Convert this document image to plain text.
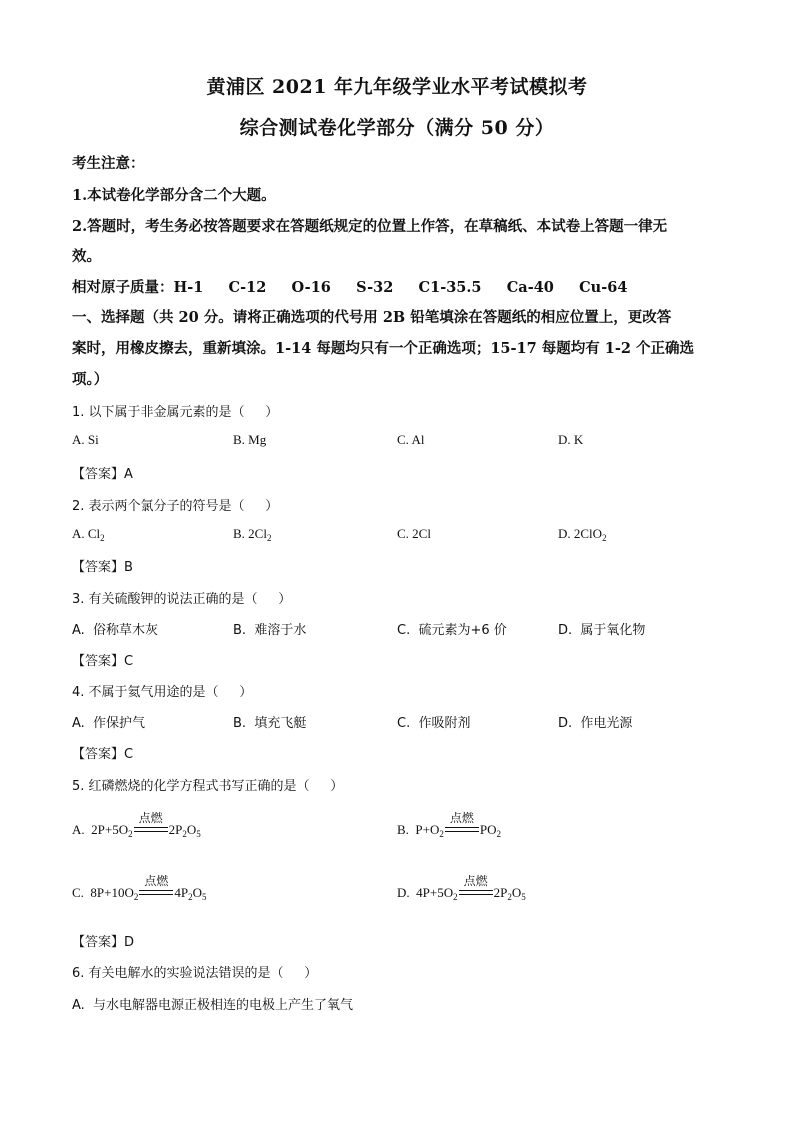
黄浦区 2021 年九年级学业水平考试模拟考
综合测试卷化学部分（满分 50 分）
考生注意：
1.本试卷化学部分含二个大题。
2.答题时，考生务必按答题要求在答题纸规定的位置上作答，在草稿纸、本试卷上答题一律无
效。
相对原子质量：H-1     C-12     O-16     S-32     C1-35.5     Ca-40     Cu-64
一、选择题（共 20 分。请将正确选项的代号用 2B 铅笔填涂在答题纸的相应位置上，更改答
案时，用橡皮擦去，重新填涂。1-14 每题均只有一个正确选项；15-17 每题均有 1-2 个正确选
项。）
1. 以下属于非金属元素的是（     ）
A. Si	B. Mg	C. Al	D. K
【答案】A
2. 表示两个氯分子的符号是（     ）
A. $Cl_2$	B. $2Cl_2$	C. 2Cl	D. 2ClO$_2$
【答案】B
3. 有关硫酸钾的说法正确的是（     ）
A.  俗称草木灰	B.  难溶于水	C.  硫元素为+6 价	D.  属于氧化物
【答案】C
4. 不属于氦气用途的是（     ）
A.  作保护气	B.  填充飞艇	C.  作吸附剂	D.  作电光源
【答案】C
5. 红磷燃烧的化学方程式书写正确的是（     ）
A.  $2P+5O_2$
点燃
$2P_2O_5$	B.  $P+O_2$
点燃
$PO_2$
C.  $8P+10O_2$
点燃
$4P_2O_5$	D.  $4P+5O_2$
点燃
$2P_2O_5$
【答案】D
6. 有关电解水的实验说法错误的是（     ）
A.  与水电解器电源正极相连的电极上产生了氧气
